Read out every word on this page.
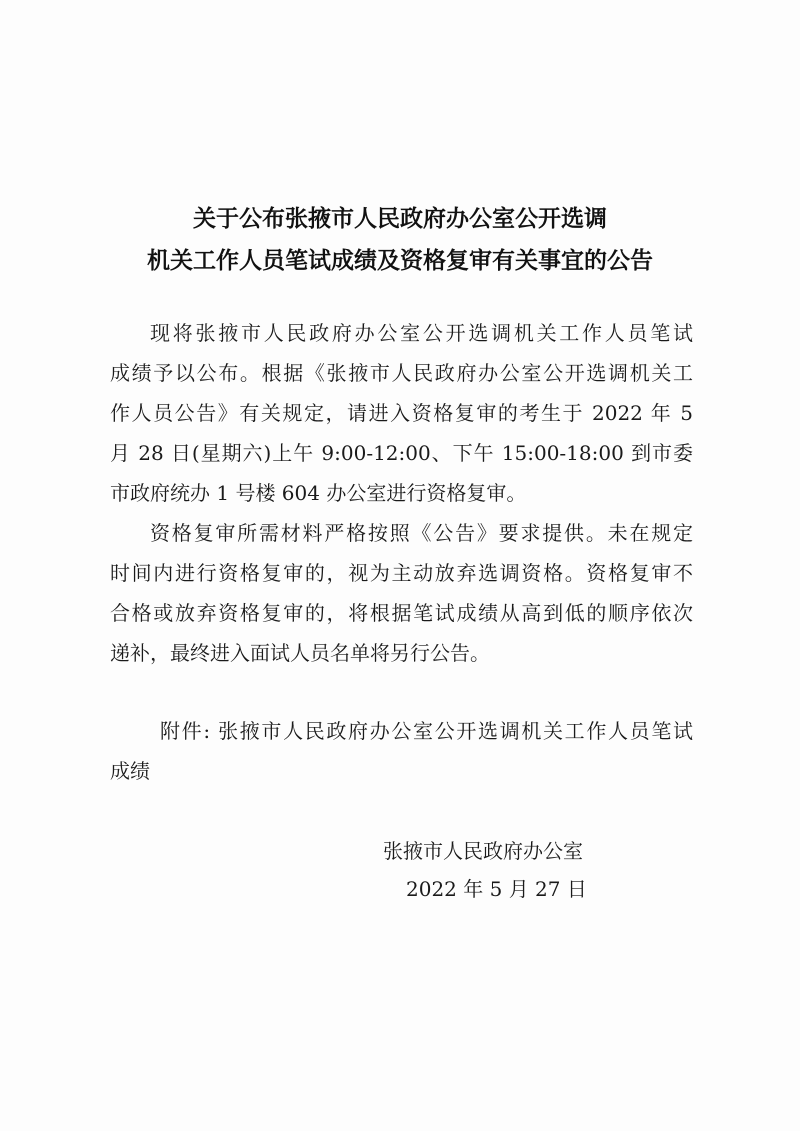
关于公布张掖市人民政府办公室公开选调
机关工作人员笔试成绩及资格复审有关事宜的公告
现将张掖市人民政府办公室公开选调机关工作人员笔试
成绩予以公布。根据《张掖市人民政府办公室公开选调机关工
作人员公告》有关规定，请进入资格复审的考生于 2022 年 5
月 28 日(星期六)上午 9:00-12:00、下午 15:00-18:00 到市委
市政府统办 1 号楼 604 办公室进行资格复审。
资格复审所需材料严格按照《公告》要求提供。未在规定
时间内进行资格复审的，视为主动放弃选调资格。资格复审不
合格或放弃资格复审的，将根据笔试成绩从高到低的顺序依次
递补，最终进入面试人员名单将另行公告。
附件: 张掖市人民政府办公室公开选调机关工作人员笔试
成绩
张掖市人民政府办公室
2022 年 5 月 27 日
